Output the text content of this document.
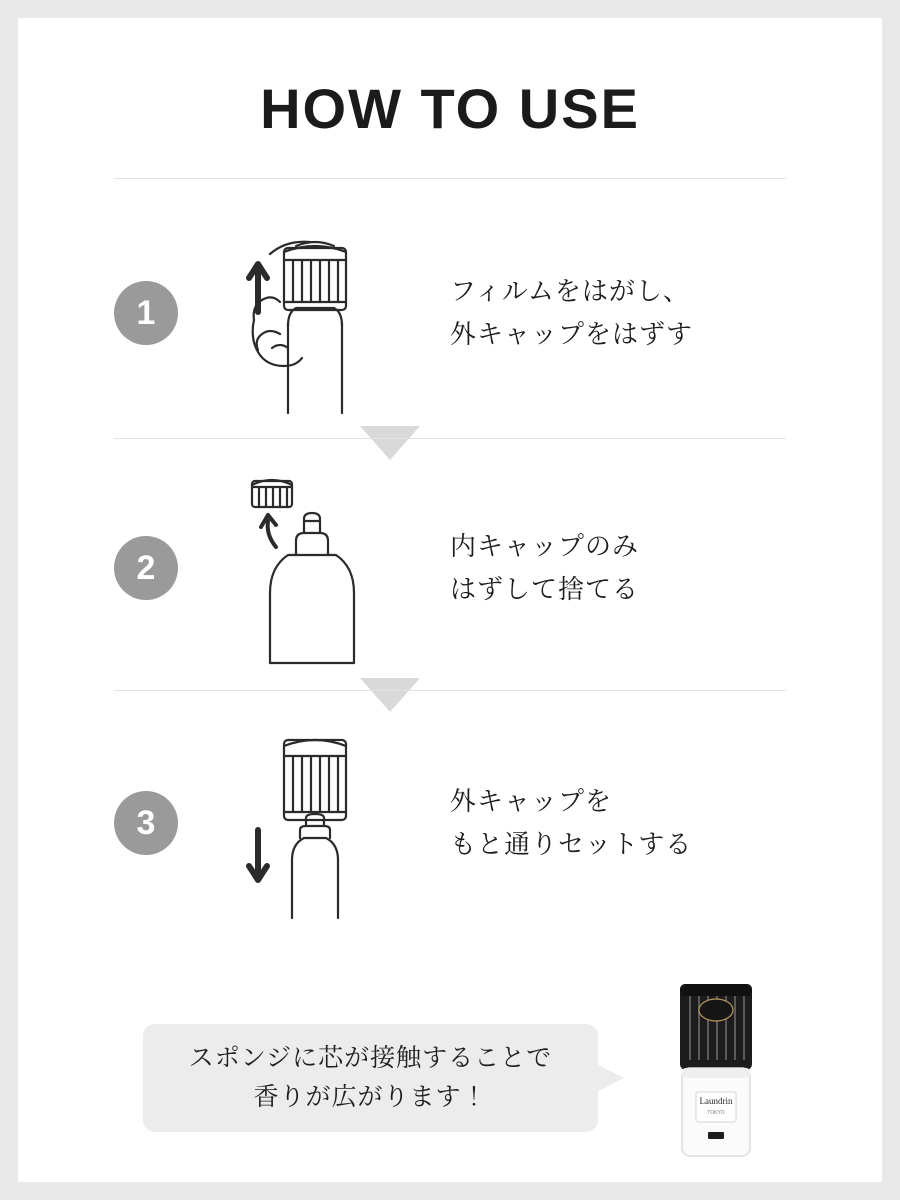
HOW TO USE
1
フィルムをはがし、
外キャップをはずす
2
内キャップのみ
はずして捨てる
3
外キャップを
もと通りセットする
スポンジに芯が接触することで
香りが広がります！	Laundrin
TOKYO
